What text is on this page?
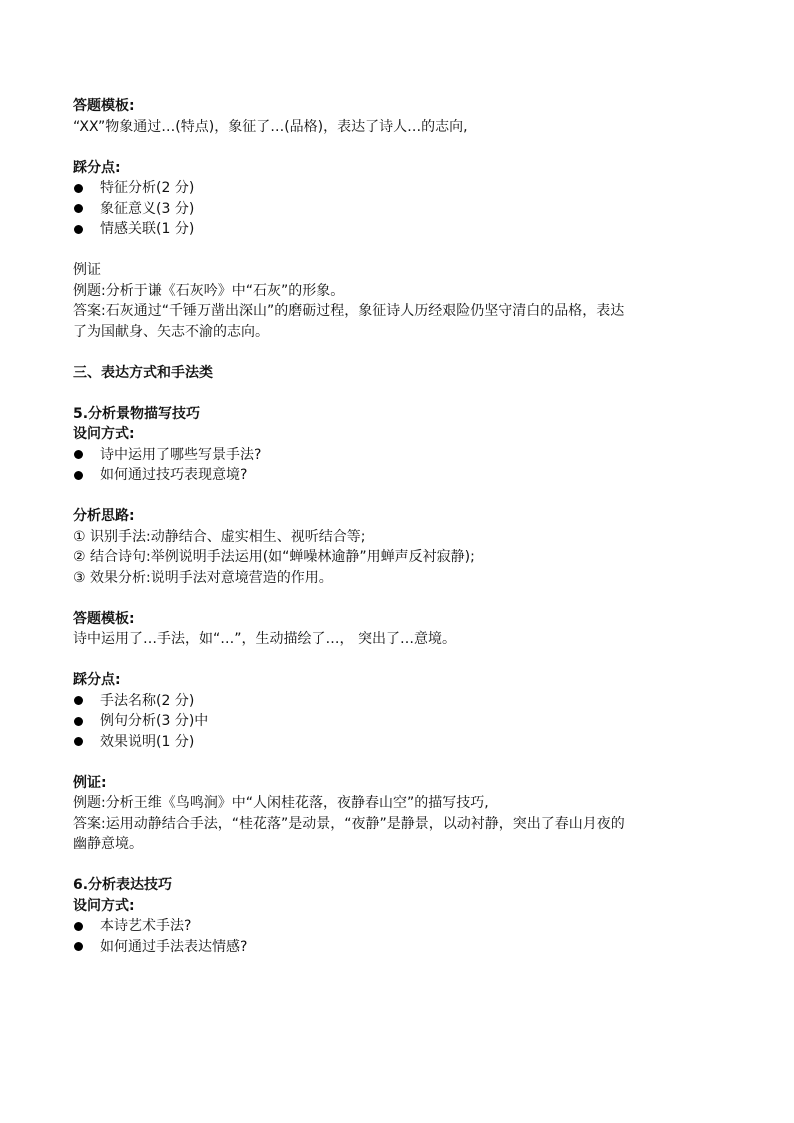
答题模板:
“XX”物象通过…(特点)，象征了…(品格)，表达了诗人…的志向,
踩分点:
特征分析(2 分)
象征意义(3 分)
情感关联(1 分)
例证
例题:分析于谦《石灰吟》中“石灰”的形象。
答案:石灰通过“千锤万凿出深山”的磨砺过程，象征诗人历经艰险仍坚守清白的品格，表达
了为国献身、矢志不渝的志向。
三、表达方式和手法类
5.分析景物描写技巧
设问方式:
诗中运用了哪些写景手法?
如何通过技巧表现意境?
分析思路:
① 识别手法:动静结合、虚实相生、视听结合等;
② 结合诗句:举例说明手法运用(如“蝉噪林逾静”用蝉声反衬寂静);
③ 效果分析:说明手法对意境营造的作用。
答题模板:
诗中运用了…手法，如“…”，生动描绘了…， 突出了…意境。
踩分点:
手法名称(2 分)
例句分析(3 分)中
效果说明(1 分)
例证:
例题:分析王维《鸟鸣涧》中“人闲桂花落，夜静春山空”的描写技巧,
答案:运用动静结合手法，“桂花落”是动景，“夜静”是静景，以动衬静，突出了春山月夜的
幽静意境。
6.分析表达技巧
设问方式:
本诗艺术手法?
如何通过手法表达情感?
